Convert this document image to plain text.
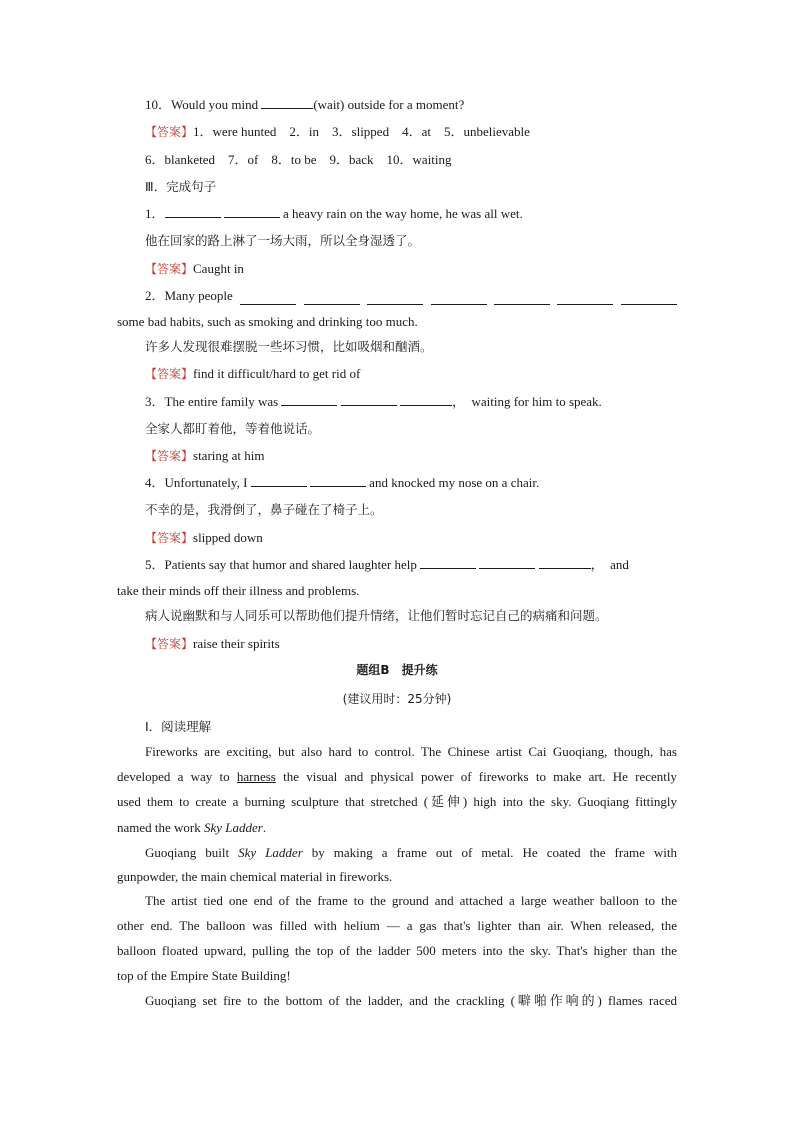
10．Would you mind	(wait) outside for a moment?
【答案】1．were hunted　2．in　3．slipped　4．at　5．unbelievable
6．blanketed　7．of　8．to be　9．back　10．waiting
Ⅲ．完成句子
1．	a heavy rain on the way home, he was all wet.
他在回家的路上淋了一场大雨，所以全身湿透了。
【答案】Caught in
2．Many people
some bad habits, such as smoking and drinking too much.
许多人发现很难摆脱一些坏习惯，比如吸烟和酗酒。
【答案】find it difficult/hard to get rid of
3．The entire family was	，　waiting for him to speak.
全家人都盯着他，等着他说话。
【答案】staring at him
4．Unfortunately, I	and knocked my nose on a chair.
不幸的是，我滑倒了，鼻子碰在了椅子上。
【答案】slipped down
5．Patients say that humor and shared laughter help	，　and
take their minds off their illness and problems.
病人说幽默和与人同乐可以帮助他们提升情绪，让他们暂时忘记自己的病痛和问题。
【答案】raise their spirits
题组B　提升练
(建议用时：25分钟)
Ⅰ．阅读理解
Fireworks are exciting, but also hard to control. The Chinese artist Cai Guoqiang, though, has
developed a way to harness the visual and physical power of fireworks to make art. He recently
used them to create a burning sculpture that stretched (延伸) high into the sky. Guoqiang fittingly
named the work Sky Ladder.
Guoqiang built Sky Ladder by making a frame out of metal. He coated the frame with
gunpowder, the main chemical material in fireworks.
The artist tied one end of the frame to the ground and attached a large weather balloon to the
other end. The balloon was filled with helium — a gas that's lighter than air. When released, the
balloon floated upward, pulling the top of the ladder 500 meters into the sky. That's higher than the
top of the Empire State Building!
Guoqiang set fire to the bottom of the ladder, and the crackling (噼啪作响的) flames raced
